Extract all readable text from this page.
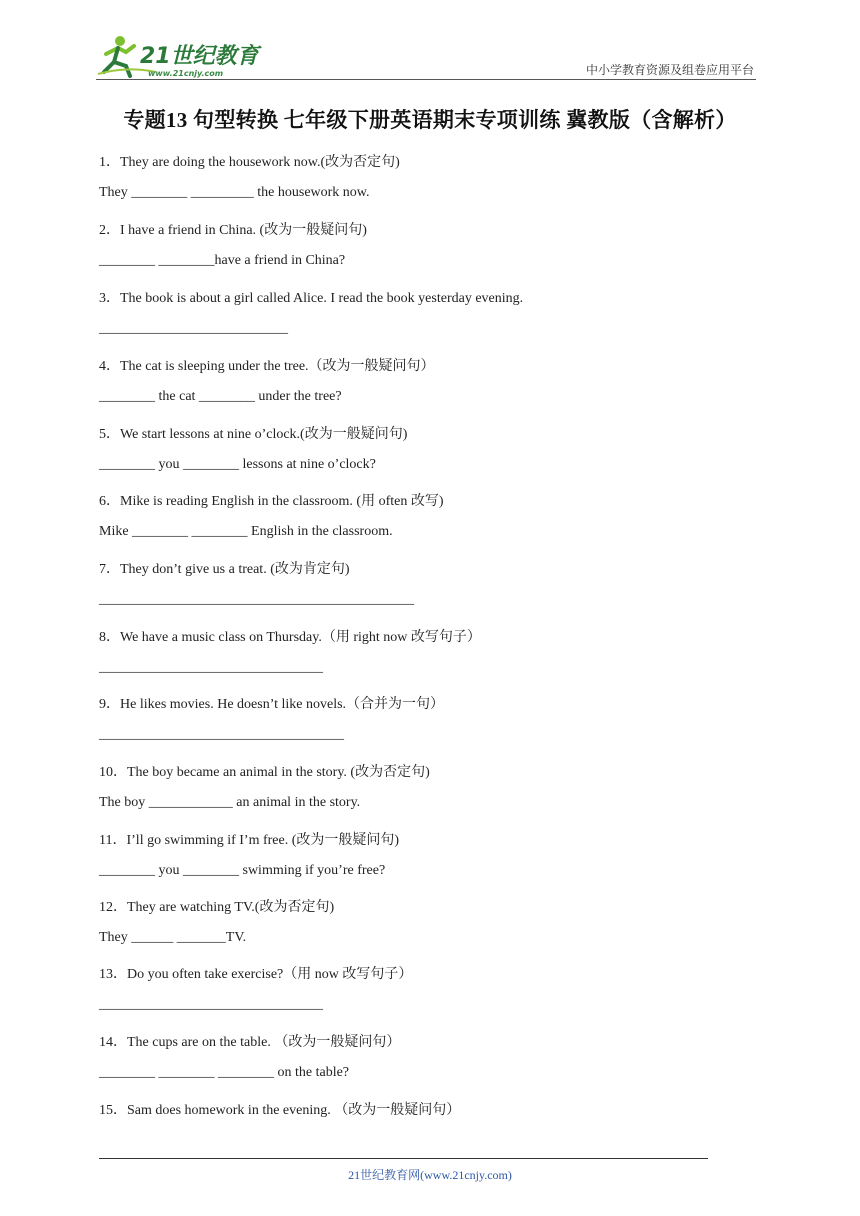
21世纪教育
www.21cnjy.com	中小学教育资源及组卷应用平台
专题13 句型转换 七年级下册英语期末专项训练 冀教版（含解析）
1．They are doing the housework now.(改为否定句)
They ________ _________ the housework now.
2．I have a friend in China. (改为一般疑问句)
________ ________have a friend in China?
3．The book is about a girl called Alice. I read the book yesterday evening.
___________________________
4．The cat is sleeping under the tree.（改为一般疑问句）
________ the cat ________ under the tree?
5．We start lessons at nine o’clock.(改为一般疑问句)
________ you ________ lessons at nine o’clock?
6．Mike is reading English in the classroom. (用 often 改写)
Mike ________ ________ English in the classroom.
7．They don’t give us a treat. (改为肯定句)
_____________________________________________
8．We have a music class on Thursday.（用 right now 改写句子）
________________________________
9．He likes movies. He doesn’t like novels.（合并为一句）
___________________________________
10．The boy became an animal in the story. (改为否定句)
The boy ____________ an animal in the story.
11．I’ll go swimming if I’m free. (改为一般疑问句)
________ you ________ swimming if you’re free?
12．They are watching TV.(改为否定句)
They ______ _______TV.
13．Do you often take exercise?（用 now 改写句子）
________________________________
14．The cups are on the table. （改为一般疑问句）
________ ________ ________ on the table?
15．Sam does homework in the evening. （改为一般疑问句）
21世纪教育网(www.21cnjy.com)
